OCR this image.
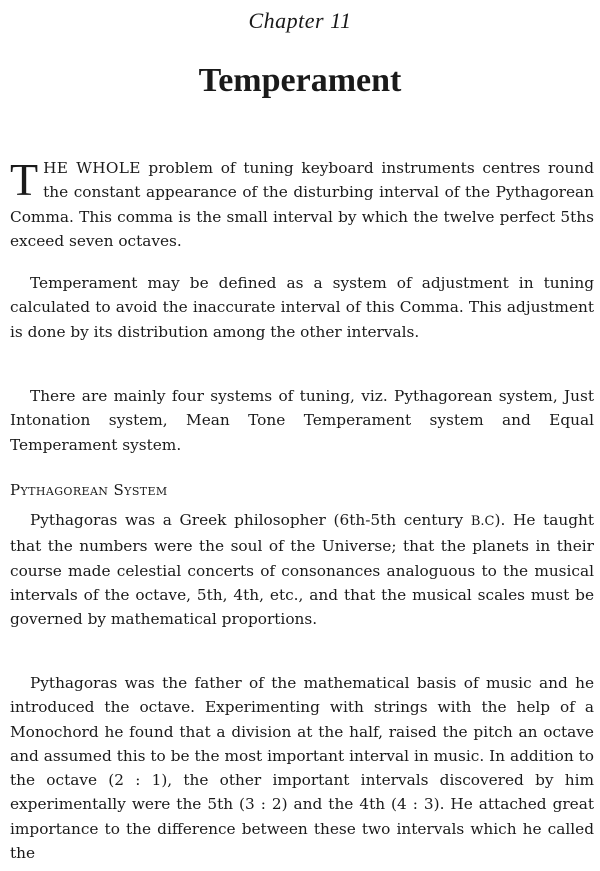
Chapter 11
Temperament

THE WHOLE problem of tuning keyboard instruments centres round the constant appearance of the disturbing interval of the Pythagorean Comma. This comma is the small interval by which the twelve perfect 5ths exceed seven octaves.

Temperament may be defined as a system of adjustment in tuning calculated to avoid the inaccurate interval of this Comma. This adjustment is done by its distribution among the other intervals.

There are mainly four systems of tuning, viz. Pythagorean system, Just Intonation system, Mean Tone Temperament system and Equal Temperament system.

Pythagorean System

Pythagoras was a Greek philosopher (6th-5th century B.C). He taught that the numbers were the soul of the Universe; that the planets in their course made celestial concerts of consonances analoguous to the musical intervals of the octave, 5th, 4th, etc., and that the musical scales must be governed by mathematical proportions.

Pythagoras was the father of the mathematical basis of music and he introduced the octave. Experimenting with strings with the help of a Monochord he found that a division at the half, raised the pitch an octave and assumed this to be the most important interval in music. In addition to the octave (2 : 1), the other important intervals discovered by him experimentally were the 5th (3 : 2) and the 4th (4 : 3). He attached great importance to the difference between these two intervals which he called the
